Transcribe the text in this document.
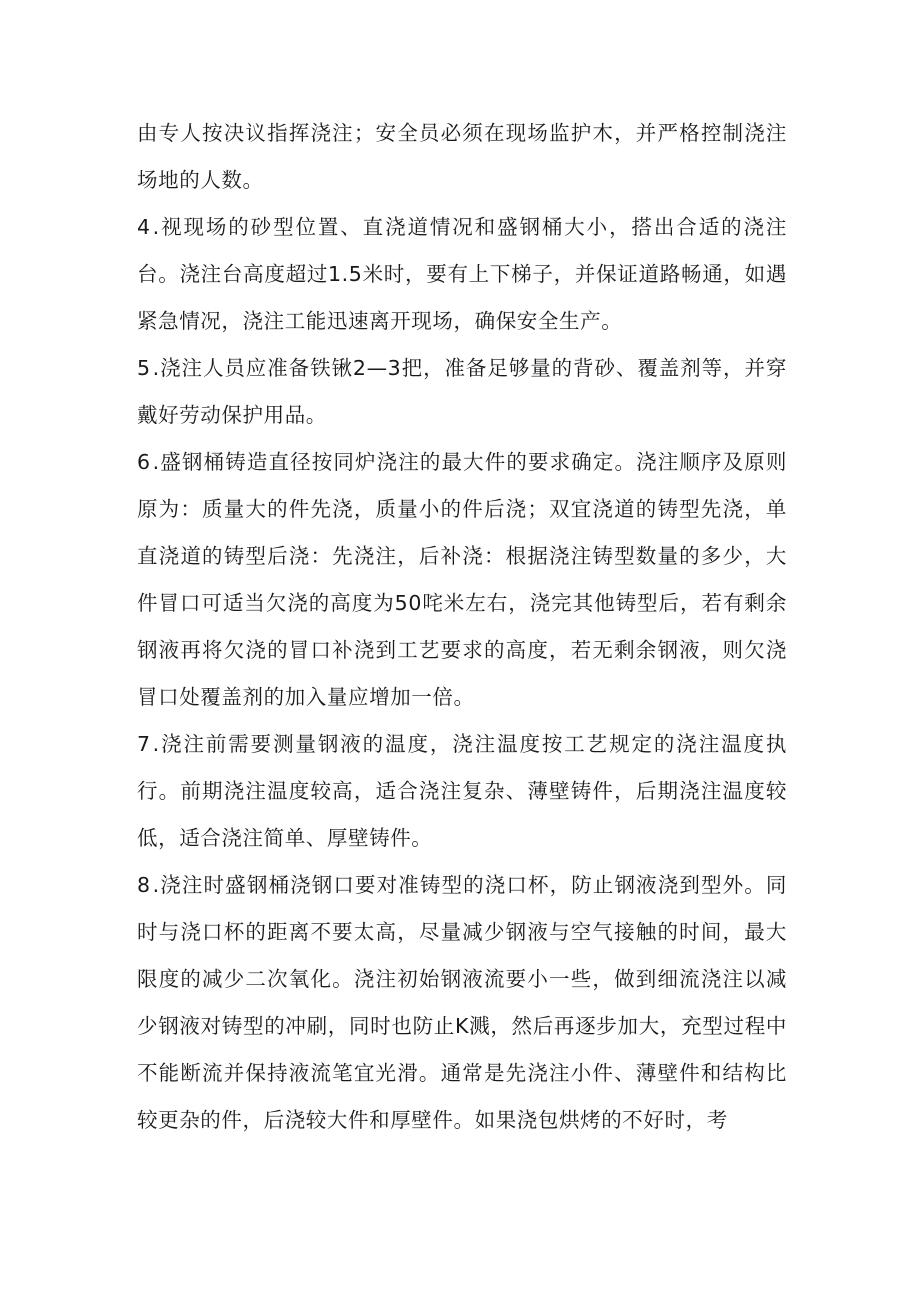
由专人按决议指挥浇注；安全员必须在现场监护木，并严格控制浇注场地的人数。

4.视现场的砂型位置、直浇道情况和盛钢桶大小，搭出合适的浇注台。浇注台高度超过1.5米时，要有上下梯子，并保证道路畅通，如遇紧急情况，浇注工能迅速离开现场，确保安全生产。

5.浇注人员应准备铁锹2—3把，准备足够量的背砂、覆盖剂等，并穿戴好劳动保护用品。

6.盛钢桶铸造直径按同炉浇注的最大件的要求确定。浇注顺序及原则原为：质量大的件先浇，质量小的件后浇；双宜浇道的铸型先浇，单直浇道的铸型后浇：先浇注，后补浇：根据浇注铸型数量的多少，大件冒口可适当欠浇的高度为50咤米左右，浇完其他铸型后，若有剩余钢液再将欠浇的冒口补浇到工艺要求的高度，若无剩余钢液，则欠浇冒口处覆盖剂的加入量应增加一倍。

7.浇注前需要测量钢液的温度，浇注温度按工艺规定的浇注温度执行。前期浇注温度较高，适合浇注复杂、薄壁铸件，后期浇注温度较低，适合浇注简单、厚壁铸件。

8.浇注时盛钢桶浇钢口要对准铸型的浇口杯，防止钢液浇到型外。同时与浇口杯的距离不要太高，尽量减少钢液与空气接触的时间，最大限度的减少二次氧化。浇注初始钢液流要小一些，做到细流浇注以减少钢液对铸型的冲刷，同时也防止K溅，然后再逐步加大，充型过程中不能断流并保持液流笔宜光滑。通常是先浇注小件、薄壁件和结构比较更杂的件，后浇较大件和厚壁件。如果浇包烘烤的不好时，考
